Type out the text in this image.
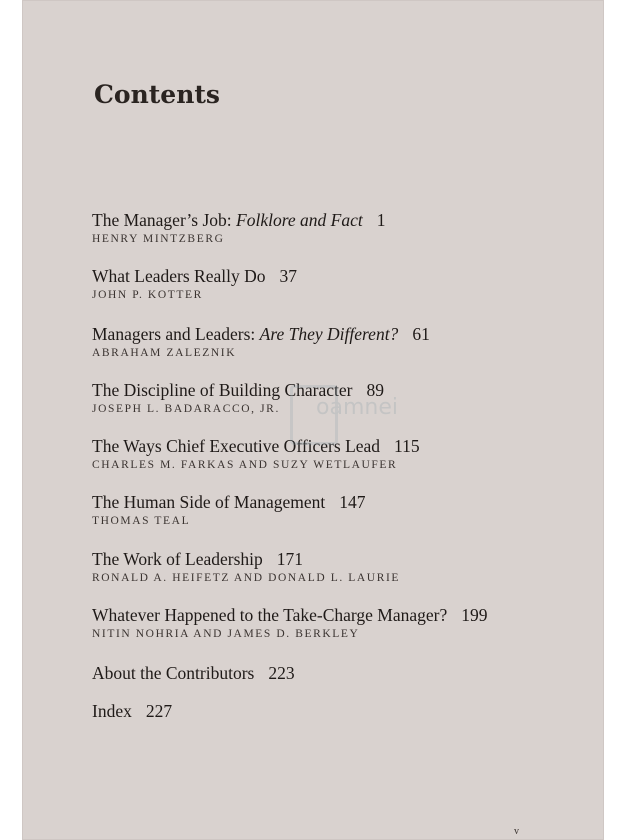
Contents

The Manager’s Job: Folklore and Fact 1
HENRY MINTZBERG
What Leaders Really Do 37
JOHN P. KOTTER
Managers and Leaders: Are They Different? 61
ABRAHAM ZALEZNIK
The Discipline of Building Character 89
JOSEPH L. BADARACCO, JR.
The Ways Chief Executive Officers Lead 115
CHARLES M. FARKAS AND SUZY WETLAUFER
The Human Side of Management 147
THOMAS TEAL
The Work of Leadership 171
RONALD A. HEIFETZ AND DONALD L. LAURIE
Whatever Happened to the Take-Charge Manager? 199
NITIN NOHRIA AND JAMES D. BERKLEY
About the Contributors 223
Index 227
oamnei
v
